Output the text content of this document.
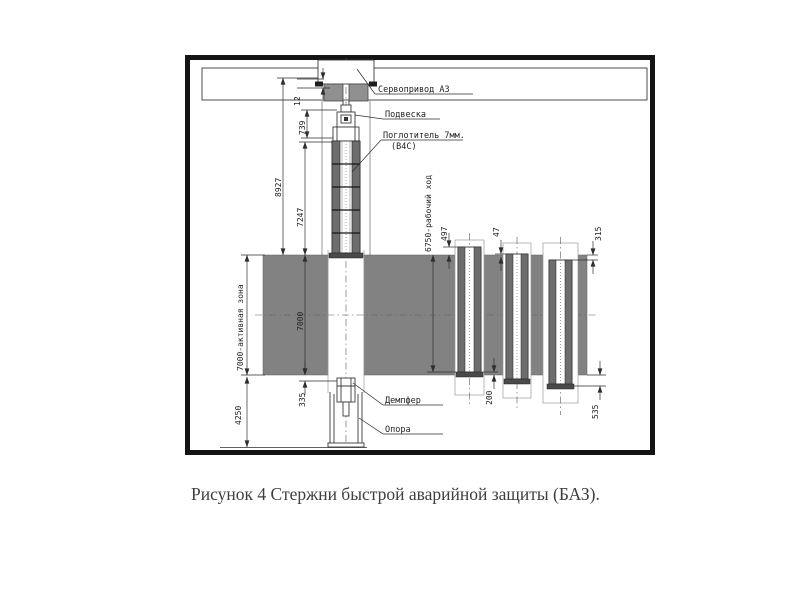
12
8927
739
7247
7000
7000-активная зона
4250
335
6750-рабочий ход 497	47	315
200
535
Сервопривод АЗ
Подвеска
Поглотитель 7мм.
(В4С)
Демпфер
Опора
Рисунок 4 Стержни быстрой аварийной защиты (БАЗ).
